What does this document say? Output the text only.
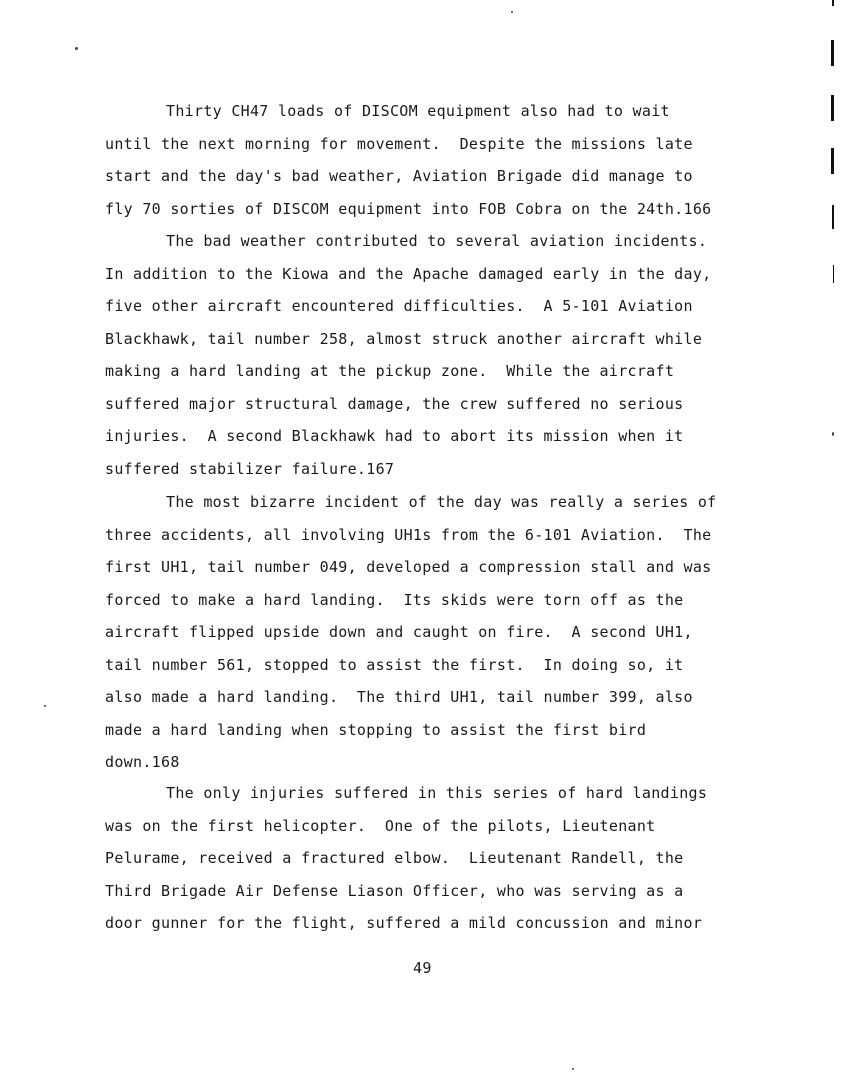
Thirty CH47 loads of DISCOM equipment also had to wait
until the next morning for movement.  Despite the missions late
start and the day's bad weather, Aviation Brigade did manage to
fly 70 sorties of DISCOM equipment into FOB Cobra on the 24th.166
The bad weather contributed to several aviation incidents.
In addition to the Kiowa and the Apache damaged early in the day,
five other aircraft encountered difficulties.  A 5-101 Aviation
Blackhawk, tail number 258, almost struck another aircraft while
making a hard landing at the pickup zone.  While the aircraft
suffered major structural damage, the crew suffered no serious
injuries.  A second Blackhawk had to abort its mission when it
suffered stabilizer failure.167
The most bizarre incident of the day was really a series of
three accidents, all involving UH1s from the 6-101 Aviation.  The
first UH1, tail number 049, developed a compression stall and was
forced to make a hard landing.  Its skids were torn off as the
aircraft flipped upside down and caught on fire.  A second UH1,
tail number 561, stopped to assist the first.  In doing so, it
also made a hard landing.  The third UH1, tail number 399, also
made a hard landing when stopping to assist the first bird
down.168
The only injuries suffered in this series of hard landings
was on the first helicopter.  One of the pilots, Lieutenant
Pelurame, received a fractured elbow.  Lieutenant Randell, the
Third Brigade Air Defense Liason Officer, who was serving as a
door gunner for the flight, suffered a mild concussion and minor
49
